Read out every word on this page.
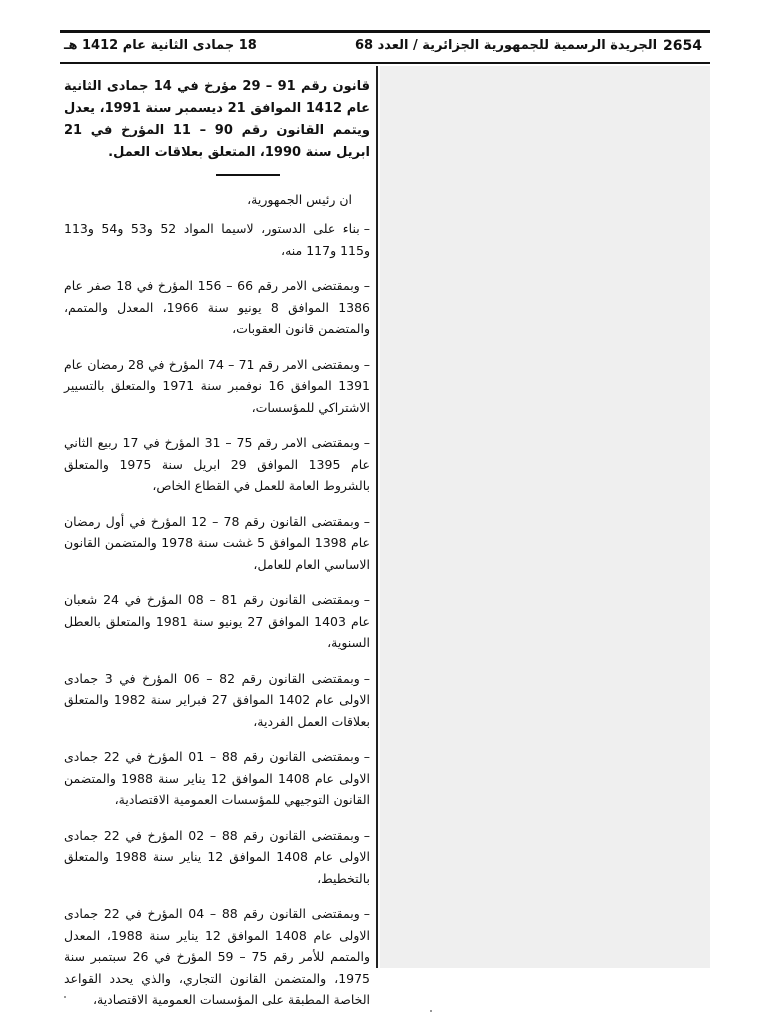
2654
الجريدة الرسمية للجمهورية الجزائرية / العدد 68
18 جمادى الثانية عام 1412 هـ

قانون رقم 91 – 29 مؤرخ في 14 جمادى الثانية عام 1412 الموافق 21 ديسمبر سنة 1991، يعدل ويتمم القانون رقم 90 – 11 المؤرخ في 21 ابريل سنة 1990، المتعلق بعلاقات العمل.

ان رئيس الجمهورية،

–بناء على الدستور، لاسيما المواد 52 و53 و54 و113 و115 و117 منه،

–وبمقتضى الامر رقم 66 – 156 المؤرخ في 18 صفر عام 1386 الموافق 8 يونيو سنة 1966، المعدل والمتمم، والمتضمن قانون العقوبات،

–وبمقتضى الامر رقم 71 – 74 المؤرخ في 28 رمضان عام 1391 الموافق 16 نوفمبر سنة 1971 والمتعلق بالتسيير الاشتراكي للمؤسسات،

–وبمقتضى الامر رقم 75 – 31 المؤرخ في 17 ربيع الثاني عام 1395 الموافق 29 ابريل سنة 1975 والمتعلق بالشروط العامة للعمل في القطاع الخاص،

–وبمقتضى القانون رقم 78 – 12 المؤرخ في أول رمضان عام 1398 الموافق 5 غشت سنة 1978 والمتضمن القانون الاساسي العام للعامل،

–وبمقتضى القانون رقم 81 – 08 المؤرخ في 24 شعبان عام 1403 الموافق 27 يونيو سنة 1981 والمتعلق بالعطل السنوية،

–وبمقتضى القانون رقم 82 – 06 المؤرخ في 3 جمادى الاولى عام 1402 الموافق 27 فبراير سنة 1982 والمتعلق بعلاقات العمل الفردية،

–وبمقتضى القانون رقم 88 – 01 المؤرخ في 22 جمادى الاولى عام 1408 الموافق 12 يناير سنة 1988 والمتضمن القانون التوجيهي للمؤسسات العمومية الاقتصادية،

–وبمقتضى القانون رقم 88 – 02 المؤرخ في 22 جمادى الاولى عام 1408 الموافق 12 يناير سنة 1988 والمتعلق بالتخطيط،

–وبمقتضى القانون رقم 88 – 04 المؤرخ في 22 جمادى الاولى عام 1408 الموافق 12 يناير سنة 1988، المعدل والمتمم للأمر رقم 75 – 59 المؤرخ في 26 سبتمبر سنة 1975، والمتضمن القانون التجاري، والذي يحدد القواعد الخاصة المطبقة على المؤسسات العمومية الاقتصادية،
